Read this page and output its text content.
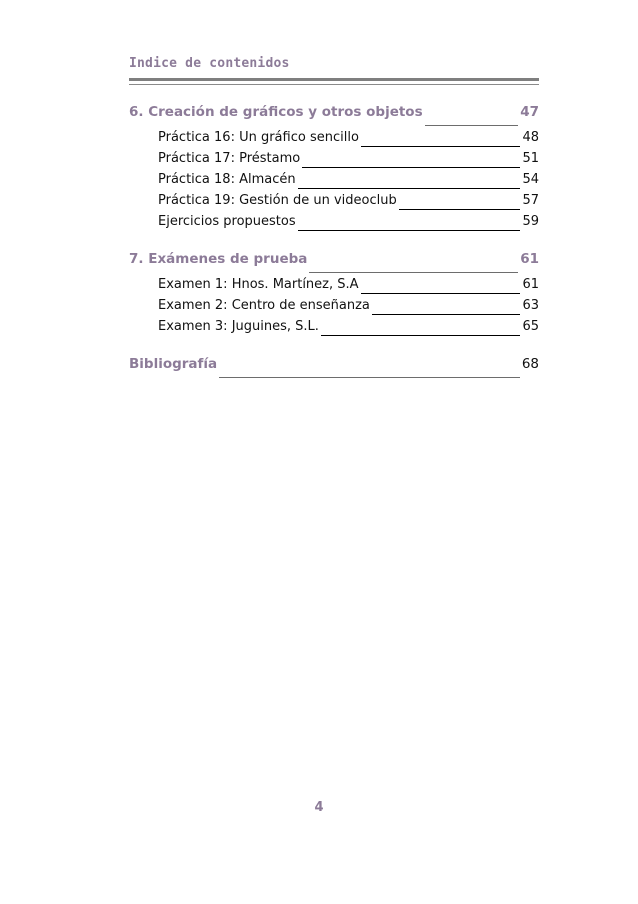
Indice de contenidos
6. Creación de gráficos y otros objetos	47
Práctica 16: Un gráfico sencillo	48
Práctica 17: Préstamo	51
Práctica 18: Almacén	54
Práctica 19: Gestión de un videoclub	57
Ejercicios propuestos	59
7. Exámenes de prueba	61
Examen 1: Hnos. Martínez, S.A	61
Examen 2: Centro de enseñanza	63
Examen 3: Juguines, S.L.	65
Bibliografía	68
4
